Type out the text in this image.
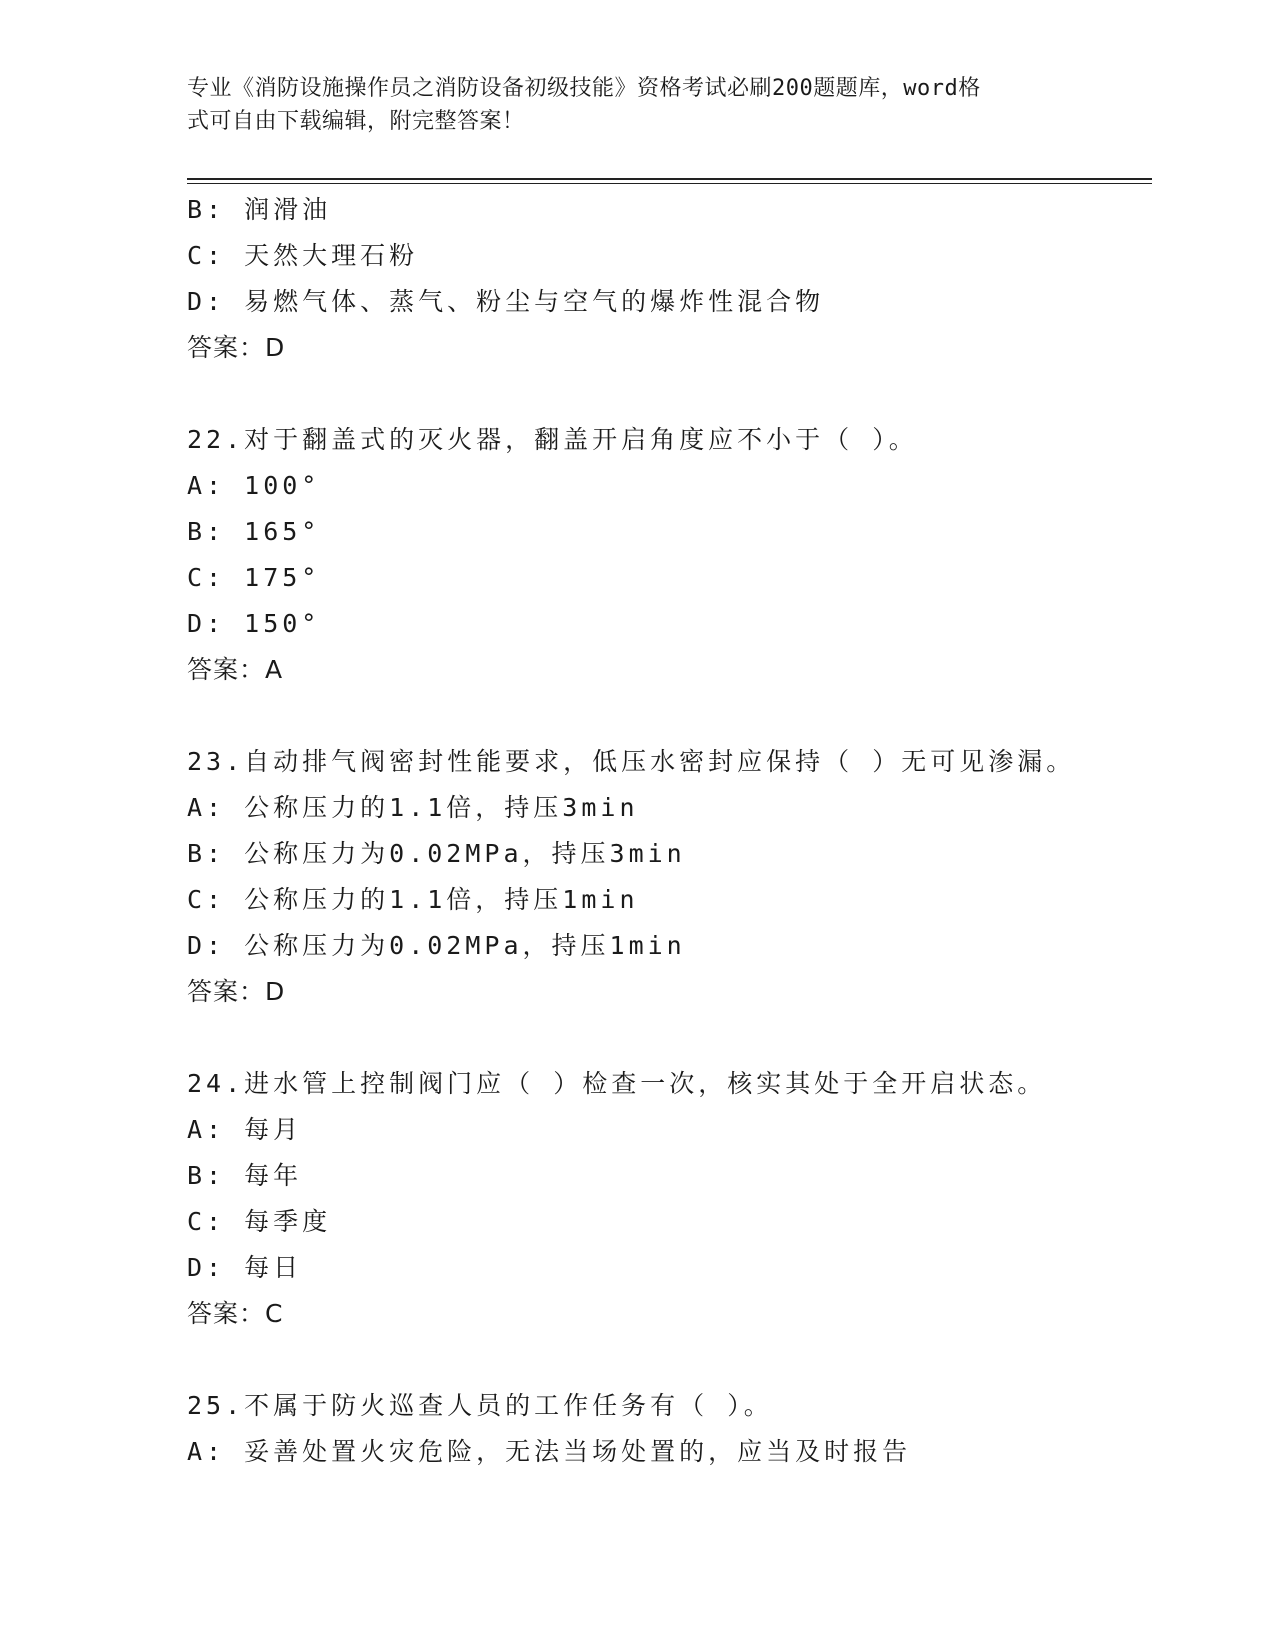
专业《消防设施操作员之消防设备初级技能》资格考试必刷200题题库，word格
式可自由下载编辑，附完整答案！
B: 润滑油
C: 天然大理石粉
D: 易燃气体、蒸气、粉尘与空气的爆炸性混合物
答案：D
22.对于翻盖式的灭火器，翻盖开启角度应不小于（ ）。
A: 100°
B: 165°
C: 175°
D: 150°
答案：A
23.自动排气阀密封性能要求，低压水密封应保持（ ）无可见渗漏。
A: 公称压力的1.1倍，持压3min
B: 公称压力为0.02MPa，持压3min
C: 公称压力的1.1倍，持压1min
D: 公称压力为0.02MPa，持压1min
答案：D
24.进水管上控制阀门应（ ）检查一次，核实其处于全开启状态。
A: 每月
B: 每年
C: 每季度
D: 每日
答案：C
25.不属于防火巡查人员的工作任务有（ ）。
A: 妥善处置火灾危险，无法当场处置的，应当及时报告
